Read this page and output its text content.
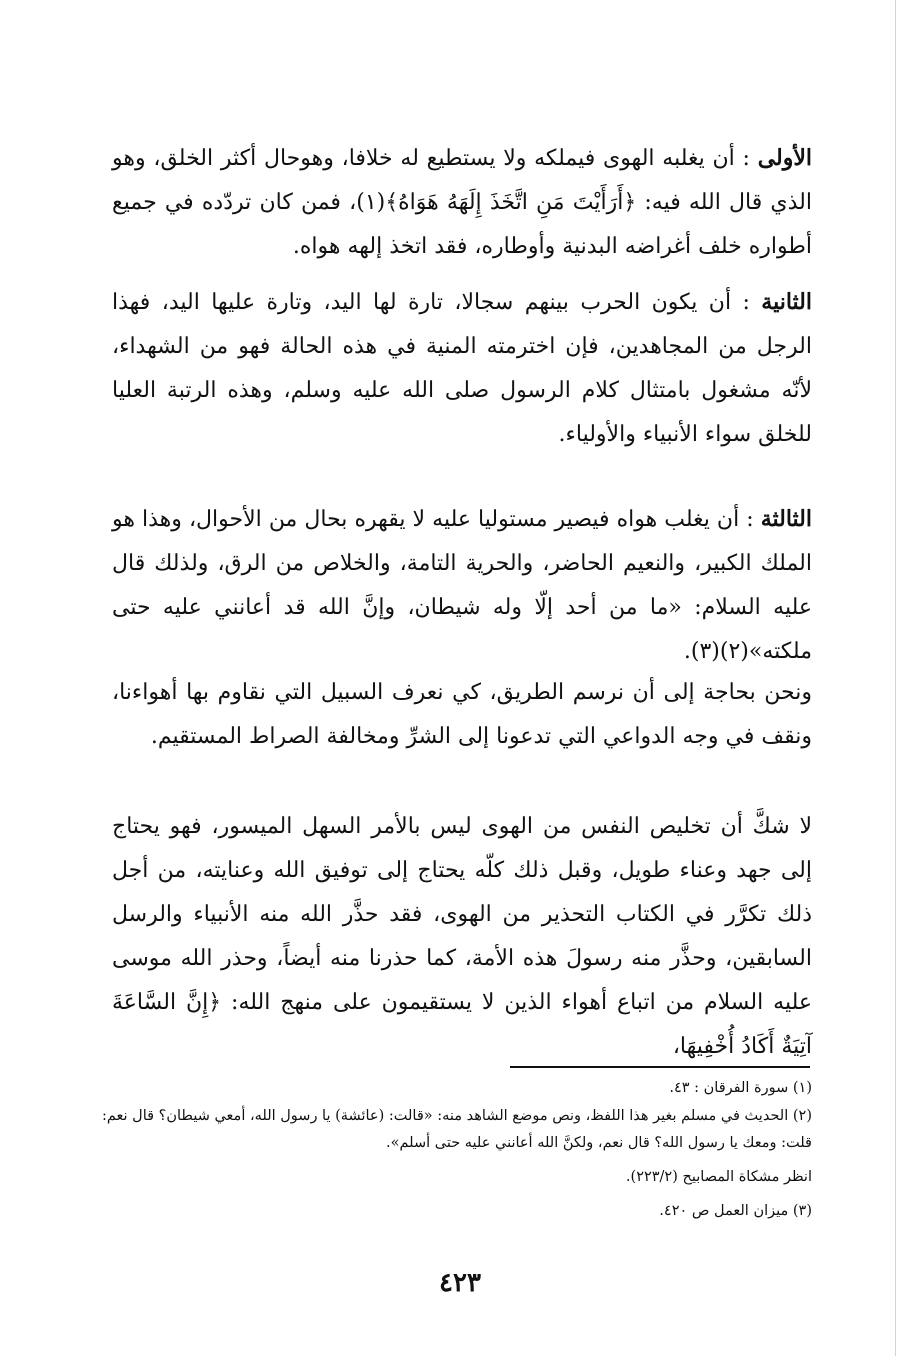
الأولى : أن يغلبه الهوى فيملكه ولا يستطيع له خلافا، وهوحال أكثر الخلق، وهو الذي قال الله فيه: ﴿أَرَأَيْتَ مَنِ اتَّخَذَ إِلَهَهُ هَوَاهُ﴾(١)، فمن كان تردّده في جميع أطواره خلف أغراضه البدنية وأوطاره، فقد اتخذ إلهه هواه.

الثانية : أن يكون الحرب بينهم سجالا، تارة لها اليد، وتارة عليها اليد، فهذا الرجل من المجاهدين، فإن اخترمته المنية في هذه الحالة فهو من الشهداء، لأنّه مشغول بامتثال كلام الرسول صلى الله عليه وسلم، وهذه الرتبة العليا للخلق سواء الأنبياء والأولياء.

الثالثة : أن يغلب هواه فيصير مستوليا عليه لا يقهره بحال من الأحوال، وهذا هو الملك الكبير، والنعيم الحاضر، والحرية التامة، والخلاص من الرق، ولذلك قال عليه السلام: «ما من أحد إلّا وله شيطان، وإنَّ الله قد أعانني عليه حتى ملكته»(٢)(٣).

ونحن بحاجة إلى أن نرسم الطريق، كي نعرف السبيل التي نقاوم بها أهواءنا، ونقف في وجه الدواعي التي تدعونا إلى الشرِّ ومخالفة الصراط المستقيم.

لا شكَّ أن تخليص النفس من الهوى ليس بالأمر السهل الميسور، فهو يحتاج إلى جهد وعناء طويل، وقبل ذلك كلّه يحتاج إلى توفيق الله وعنايته، من أجل ذلك تكرَّر في الكتاب التحذير من الهوى، فقد حذَّر الله منه الأنبياء والرسل السابقين، وحذَّر منه رسولَ هذه الأمة، كما حذرنا منه أيضاً، وحذر الله موسى عليه السلام من اتباع أهواء الذين لا يستقيمون على منهج الله: ﴿إِنَّ السَّاعَةَ آتِيَةٌ أَكَادُ أُخْفِيهَا،

(١) سورة الفرقان : ٤٣.

(٢) الحديث في مسلم بغير هذا اللفظ، ونص موضع الشاهد منه: «قالت: (عائشة) يا رسول الله، أمعي شيطان؟ قال نعم: قلت: ومعك يا رسول الله؟ قال نعم، ولكنَّ الله أعانني عليه حتى أسلم».

انظر مشكاة المصابيح (٢٢٣/٢).

(٣) ميزان العمل ص ٤٢٠.

٤٢٣
